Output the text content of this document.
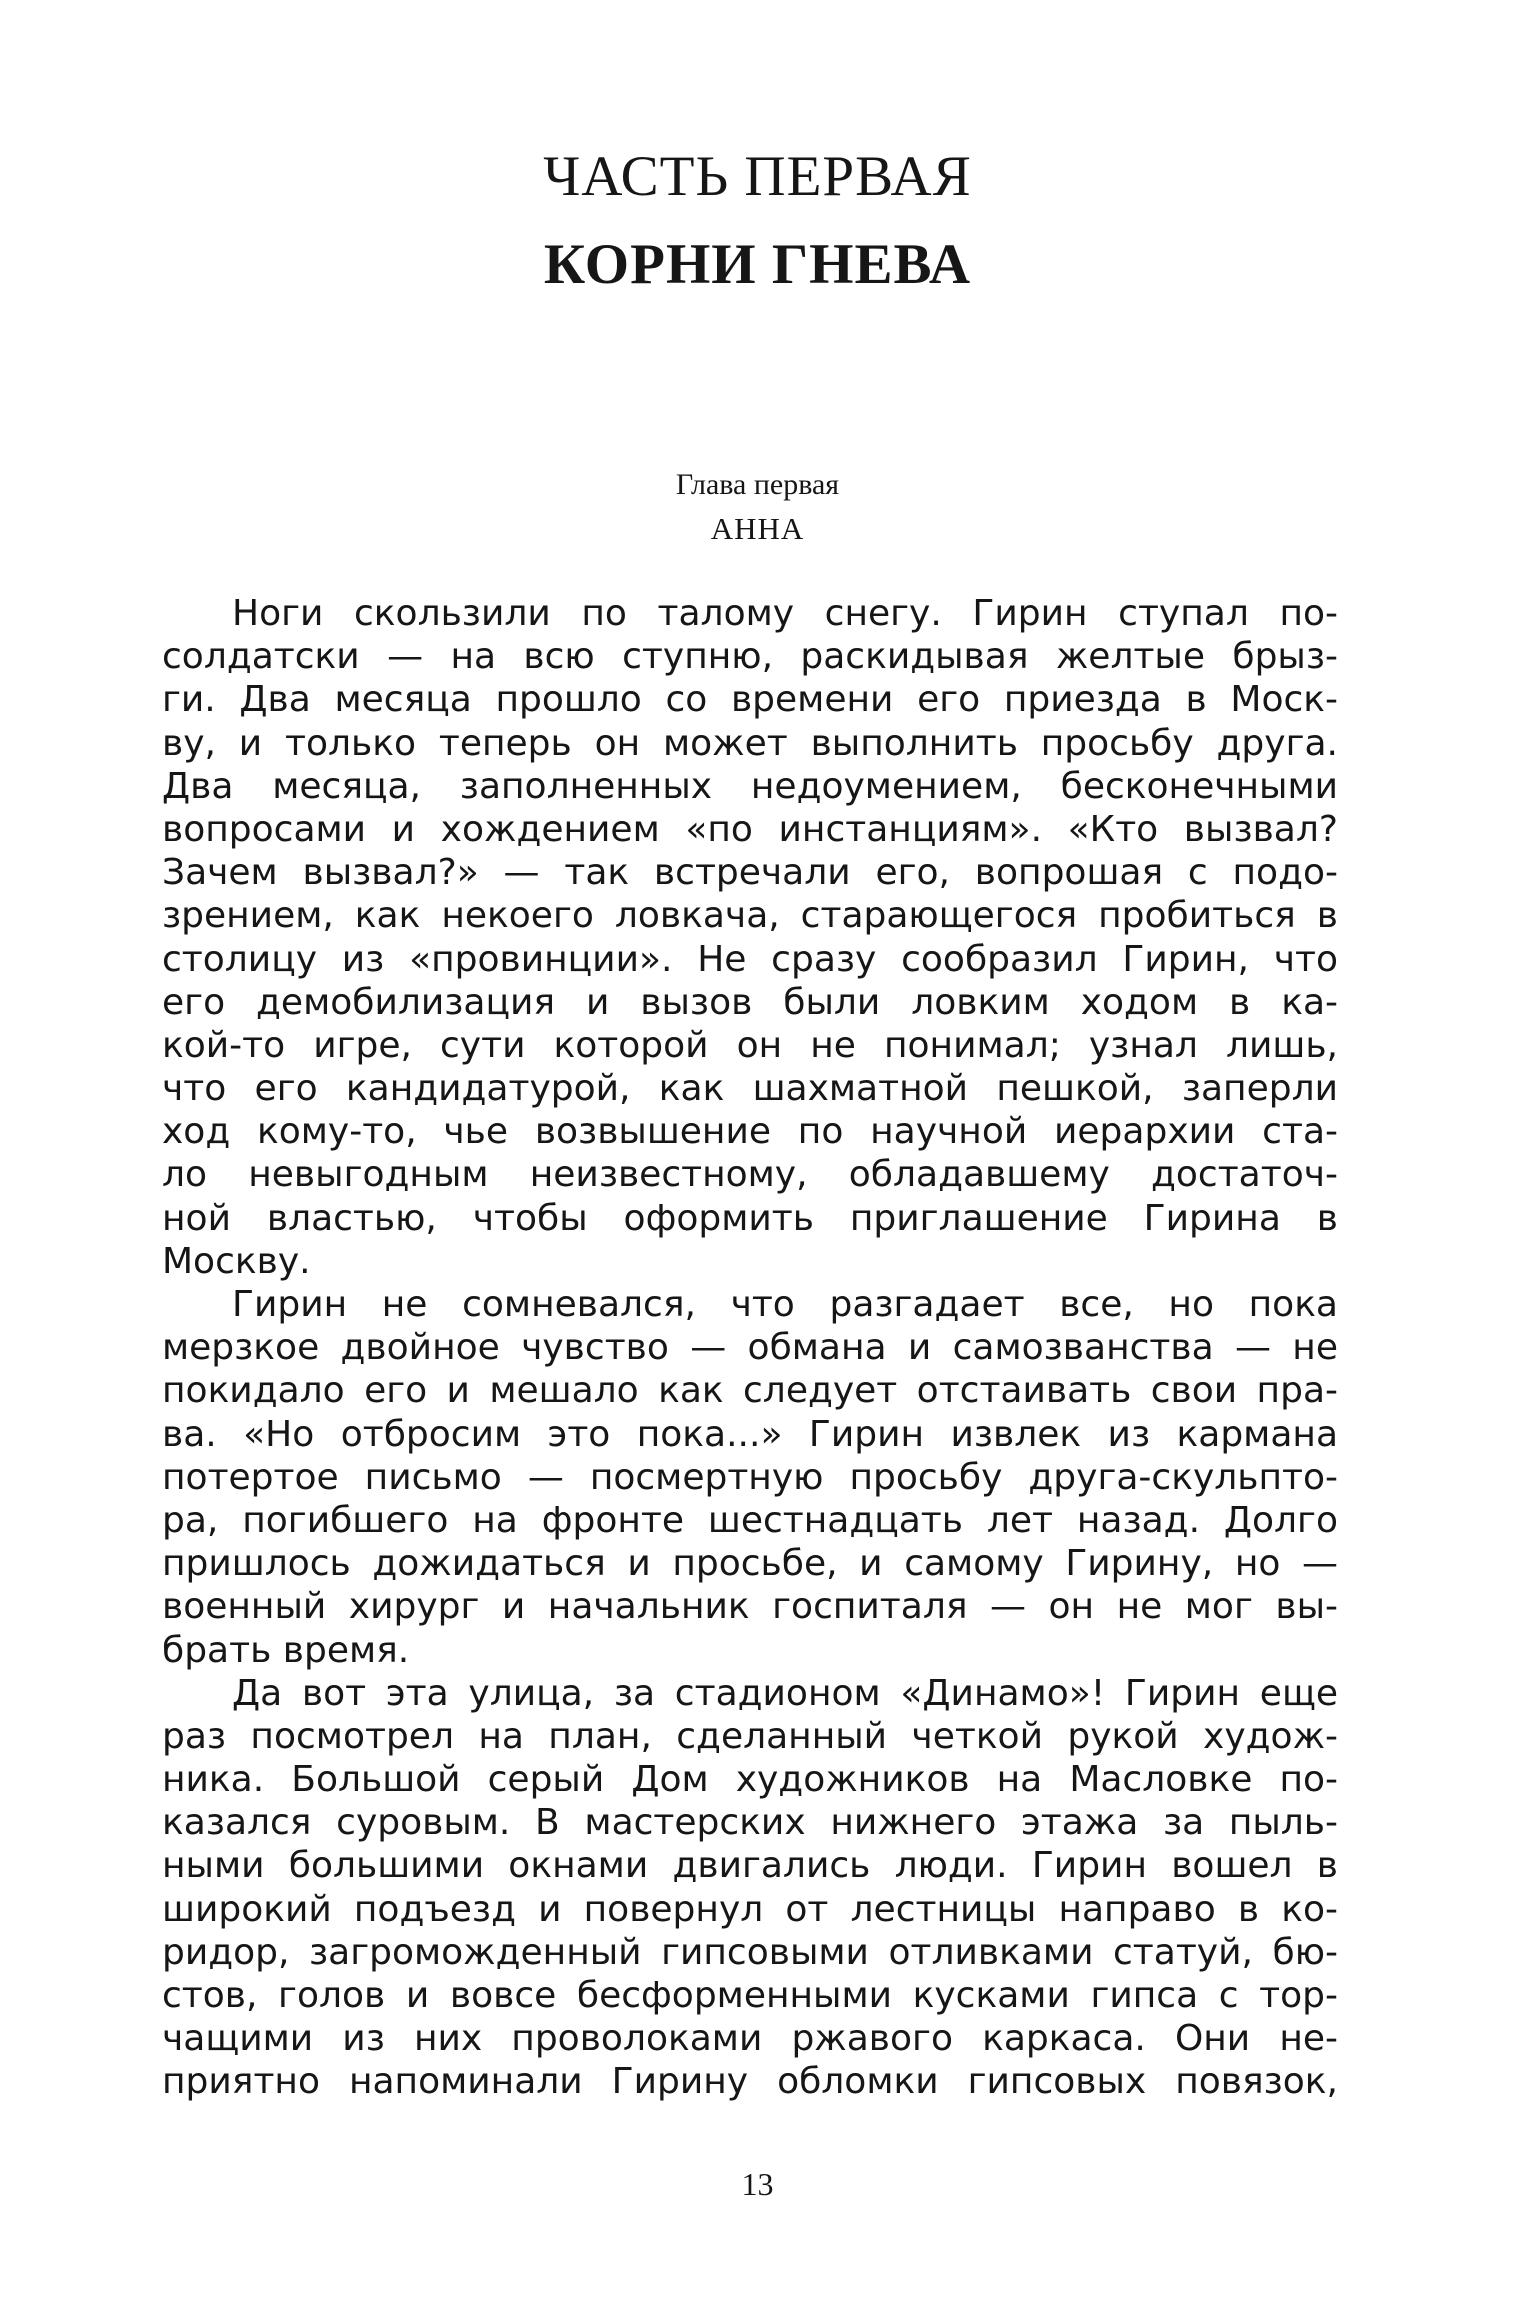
ЧАСТЬ ПЕРВАЯ
КОРНИ ГНЕВА
Глава первая
АННА
Ноги скользили по талому снегу. Гирин ступал по-
солдатски — на всю ступню, раскидывая желтые брыз-
ги. Два месяца прошло со времени его приезда в Моск-
ву, и только теперь он может выполнить просьбу друга.
Два месяца, заполненных недоумением, бесконечными
вопросами и хождением «по инстанциям». «Кто вызвал?
Зачем вызвал?» — так встречали его, вопрошая с подо-
зрением, как некоего ловкача, старающегося пробиться в
столицу из «провинции». Не сразу сообразил Гирин, что
его демобилизация и вызов были ловким ходом в ка-
кой-то игре, сути которой он не понимал; узнал лишь,
что его кандидатурой, как шахматной пешкой, заперли
ход кому-то, чье возвышение по научной иерархии ста-
ло невыгодным неизвестному, обладавшему достаточ-
ной властью, чтобы оформить приглашение Гирина в
Москву.
Гирин не сомневался, что разгадает все, но пока
мерзкое двойное чувство — обмана и самозванства — не
покидало его и мешало как следует отстаивать свои пра-
ва. «Но отбросим это пока...» Гирин извлек из кармана
потертое письмо — посмертную просьбу друга-скульпто-
ра, погибшего на фронте шестнадцать лет назад. Долго
пришлось дожидаться и просьбе, и самому Гирину, но —
военный хирург и начальник госпиталя — он не мог вы-
брать время.
Да вот эта улица, за стадионом «Динамо»! Гирин еще
раз посмотрел на план, сделанный четкой рукой худож-
ника. Большой серый Дом художников на Масловке по-
казался суровым. В мастерских нижнего этажа за пыль-
ными большими окнами двигались люди. Гирин вошел в
широкий подъезд и повернул от лестницы направо в ко-
ридор, загроможденный гипсовыми отливками статуй, бю-
стов, голов и вовсе бесформенными кусками гипса с тор-
чащими из них проволоками ржавого каркаса. Они не-
приятно напоминали Гирину обломки гипсовых повязок,
13
